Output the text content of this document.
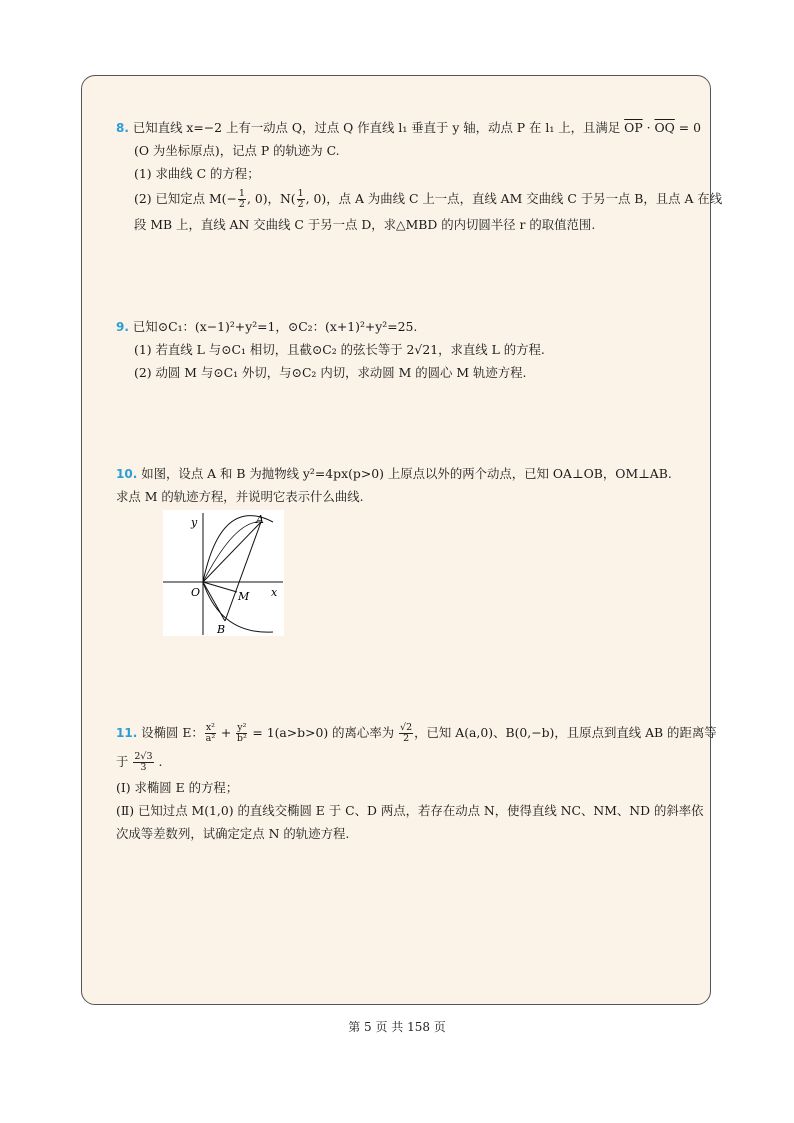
8. 已知直线 x=−2 上有一动点 Q，过点 Q 作直线 l₁ 垂直于 y 轴，动点 P 在 l₁ 上，且满足 $\overline{OP} \cdot \overline{OQ} = 0$
(O 为坐标原点)，记点 P 的轨迹为 C.
(1) 求曲线 C 的方程；
(2) 已知定点 $M(- \frac{1}{2}$ , 0)，$N( \frac{1}{2}$ , 0)，点 A 为曲线 C 上一点，直线 AM 交曲线 C 于另一点 B，且点 A 在线
段 MB 上，直线 AN 交曲线 C 于另一点 D，求△MBD 的内切圆半径 r 的取值范围.
9. 已知⊙C₁：(x−1)²+y²=1，⊙C₂：(x+1)²+y²=25.
(1) 若直线 L 与⊙C₁ 相切，且截⊙C₂ 的弦长等于 2√21，求直线 L 的方程.
(2) 动圆 M 与⊙C₁ 外切，与⊙C₂ 内切，求动圆 M 的圆心 M 轨迹方程.
10. 如图，设点 A 和 B 为抛物线 y²=4px(p>0) 上原点以外的两个动点，已知 OA⊥OB，OM⊥AB.
求点 M 的轨迹方程，并说明它表示什么曲线.
y
x
O
A
B
M
11. 设椭圆 E： $\frac{\text{x²}}{\text{a²}} + \frac{\text{y²}}{\text{b²}} = 1(a>b>0)$ 的离心率为 $\frac{√2}{2}$ ，已知 A(a,0)、B(0,−b)，且原点到直线 AB 的距离等
于 $\frac{2√3}{3}$ .
(Ⅰ) 求椭圆 E 的方程；
(Ⅱ) 已知过点 M(1,0) 的直线交椭圆 E 于 C、D 两点，若存在动点 N，使得直线 NC、NM、ND 的斜率依
次成等差数列，试确定定点 N 的轨迹方程.
第 5 页 共 158 页
